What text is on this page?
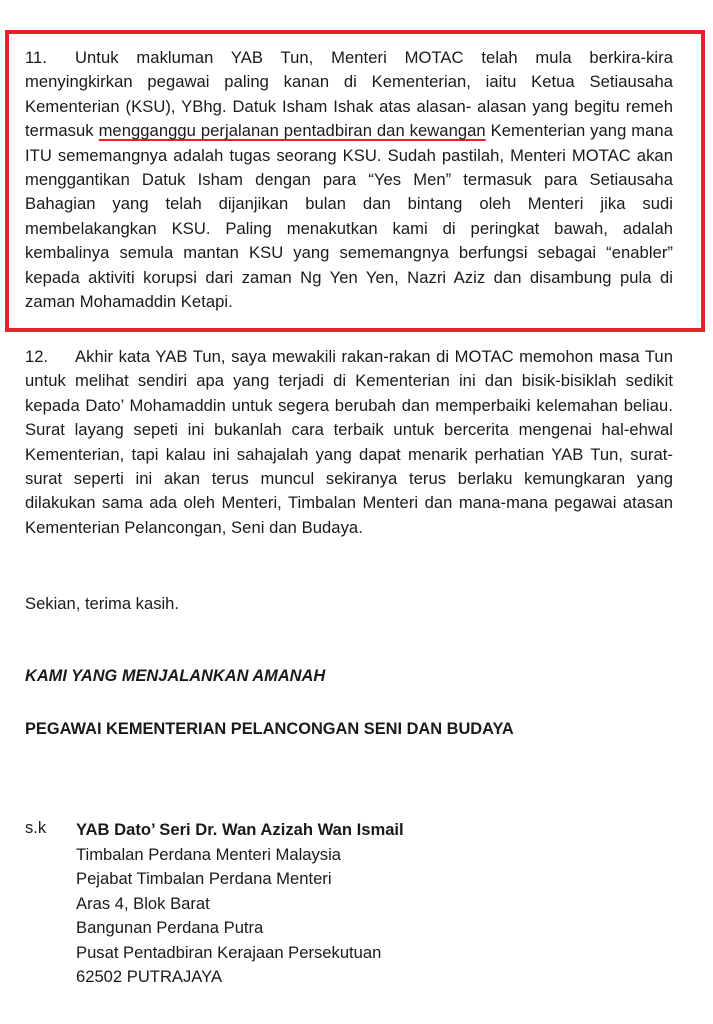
11. Untuk makluman YAB Tun, Menteri MOTAC telah mula berkira-kira menyingkirkan pegawai paling kanan di Kementerian, iaitu Ketua Setiausaha Kementerian (KSU), YBhg. Datuk Isham Ishak atas alasan- alasan yang begitu remeh termasuk mengganggu perjalanan pentadbiran dan kewangan Kementerian yang mana ITU sememangnya adalah tugas seorang KSU. Sudah pastilah, Menteri MOTAC akan menggantikan Datuk Isham dengan para “Yes Men” termasuk para Setiausaha Bahagian yang telah dijanjikan bulan dan bintang oleh Menteri jika sudi membelakangkan KSU. Paling menakutkan kami di peringkat bawah, adalah kembalinya semula mantan KSU yang sememangnya berfungsi sebagai “enabler” kepada aktiviti korupsi dari zaman Ng Yen Yen, Nazri Aziz dan disambung pula di zaman Mohamaddin Ketapi.

12. Akhir kata YAB Tun, saya mewakili rakan-rakan di MOTAC memohon masa Tun untuk melihat sendiri apa yang terjadi di Kementerian ini dan bisik-bisiklah sedikit kepada Dato’ Mohamaddin untuk segera berubah dan memperbaiki kelemahan beliau. Surat layang sepeti ini bukanlah cara terbaik untuk bercerita mengenai hal-ehwal Kementerian, tapi kalau ini sahajalah yang dapat menarik perhatian YAB Tun, surat-surat seperti ini akan terus muncul sekiranya terus berlaku kemungkaran yang dilakukan sama ada oleh Menteri, Timbalan Menteri dan mana-mana pegawai atasan Kementerian Pelancongan, Seni dan Budaya.

Sekian, terima kasih.
KAMI YANG MENJALANKAN AMANAH
PEGAWAI KEMENTERIAN PELANCONGAN SENI DAN BUDAYA
s.k YAB Dato’ Seri Dr. Wan Azizah Wan Ismail
Timbalan Perdana Menteri Malaysia
Pejabat Timbalan Perdana Menteri
Aras 4, Blok Barat
Bangunan Perdana Putra
Pusat Pentadbiran Kerajaan Persekutuan
62502 PUTRAJAYA
